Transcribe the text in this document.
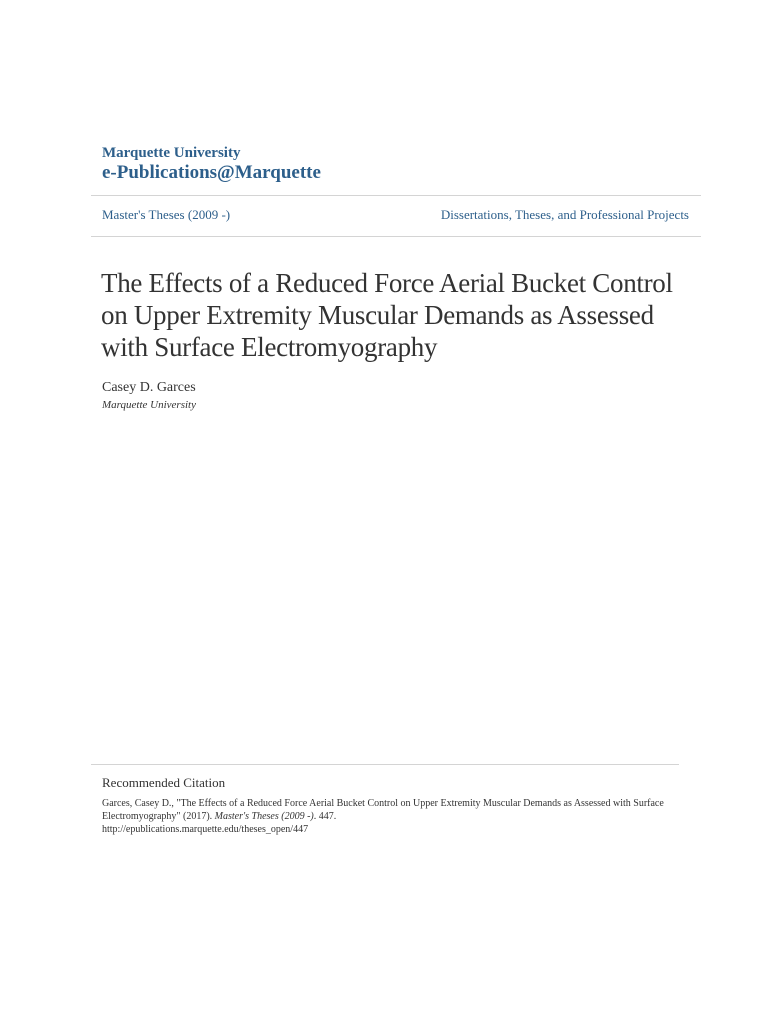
Marquette University
e-Publications@Marquette
Master's Theses (2009 -)	Dissertations, Theses, and Professional Projects
The Effects of a Reduced Force Aerial Bucket Control on Upper Extremity Muscular Demands as Assessed with Surface Electromyography
Casey D. Garces
Marquette University
Recommended Citation
Garces, Casey D., "The Effects of a Reduced Force Aerial Bucket Control on Upper Extremity Muscular Demands as Assessed with Surface Electromyography" (2017). Master's Theses (2009 -). 447.
http://epublications.marquette.edu/theses_open/447
